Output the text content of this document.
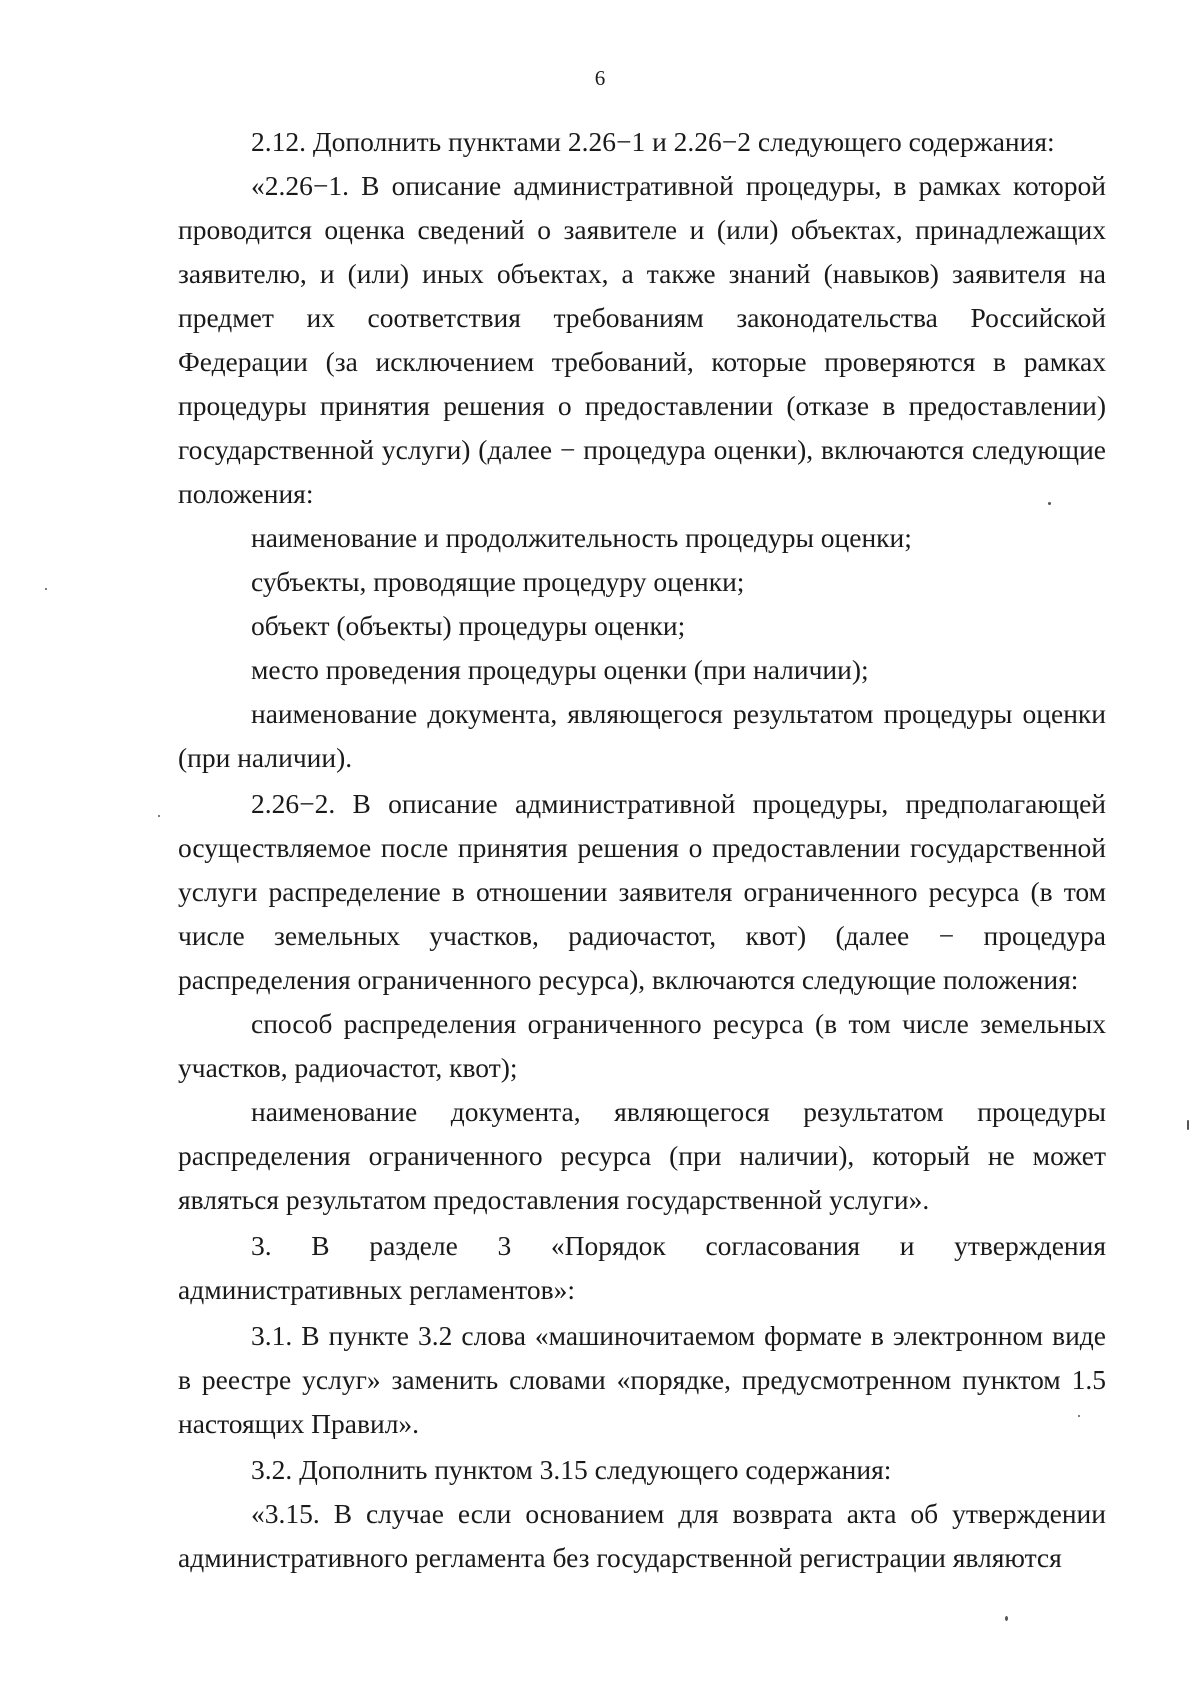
6

2.12. Дополнить пунктами 2.26−1 и 2.26−2 следующего содержания:

«2.26−1. В описание административной процедуры, в рамках которой проводится оценка сведений о заявителе и (или) объектах, принадлежащих заявителю, и (или) иных объектах, а также знаний (навыков) заявителя на предмет их соответствия требованиям законодательства Российской Федерации (за исключением требований, которые проверяются в рамках процедуры принятия решения о предоставлении (отказе в предоставлении) государственной услуги) (далее − процедура оценки), включаются следующие положения:

наименование и продолжительность процедуры оценки;

субъекты, проводящие процедуру оценки;

объект (объекты) процедуры оценки;

место проведения процедуры оценки (при наличии);

наименование документа, являющегося результатом процедуры оценки (при наличии).

2.26−2. В описание административной процедуры, предполагающей осуществляемое после принятия решения о предоставлении государственной услуги распределение в отношении заявителя ограниченного ресурса (в том числе земельных участков, радиочастот, квот) (далее − процедура распределения ограниченного ресурса), включаются следующие положения:

способ распределения ограниченного ресурса (в том числе земельных участков, радиочастот, квот);

наименование документа, являющегося результатом процедуры распределения ограниченного ресурса (при наличии), который не может являться результатом предоставления государственной услуги».

3. В разделе 3 «Порядок согласования и утверждения административных регламентов»:

3.1. В пункте 3.2 слова «машиночитаемом формате в электронном виде в реестре услуг» заменить словами «порядке, предусмотренном пунктом 1.5 настоящих Правил».

3.2. Дополнить пунктом 3.15 следующего содержания:

«3.15. В случае если основанием для возврата акта об утверждении административного регламента без государственной регистрации являются
